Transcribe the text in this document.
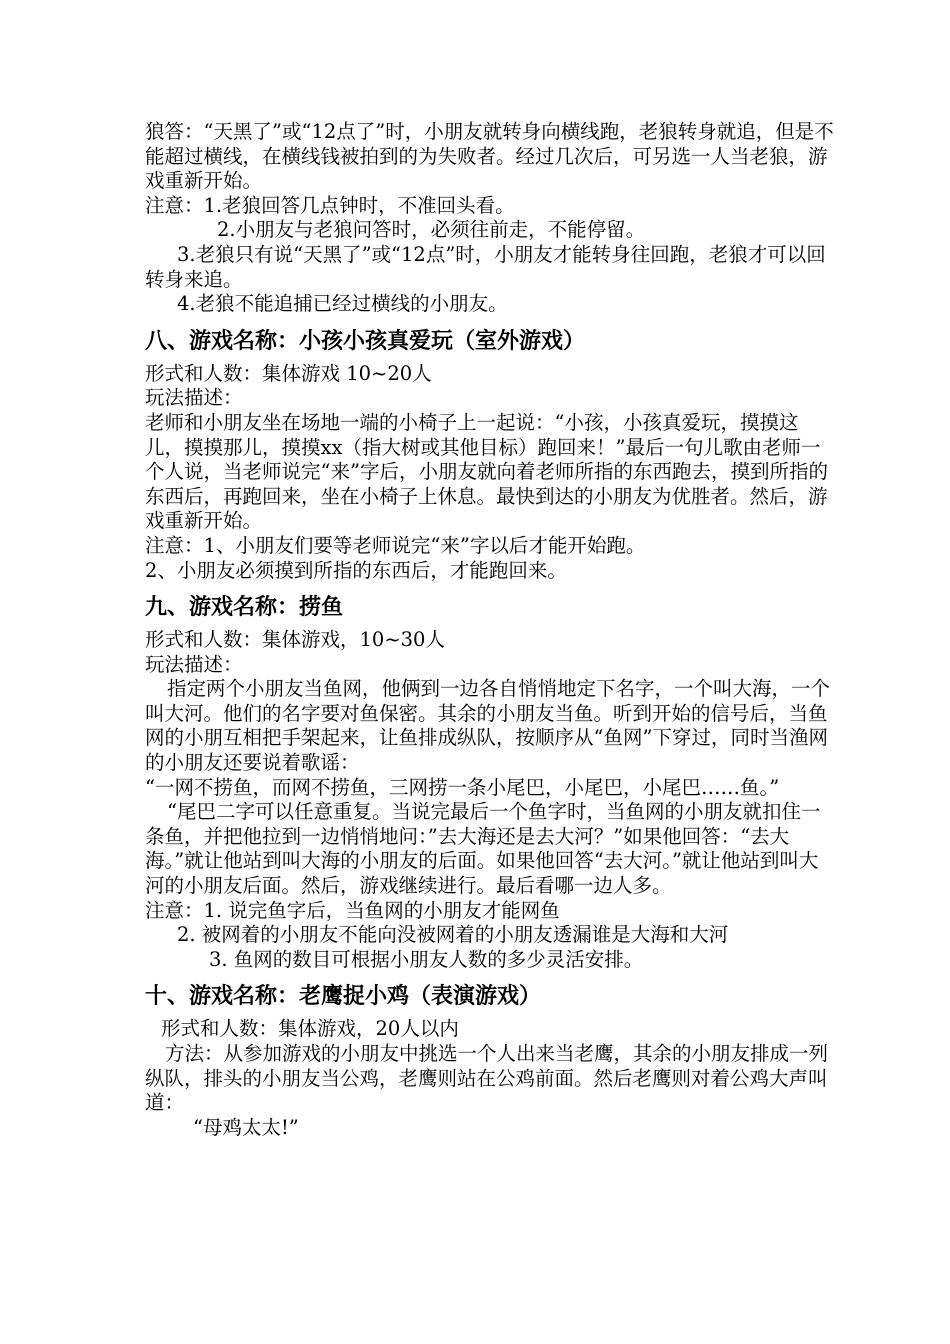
狼答：“天黑了”或“12点了”时，小朋友就转身向横线跑，老狼转身就追，但是不能超过横线，在横线钱被拍到的为失败者。经过几次后，可另选一人当老狼，游戏重新开始。

注意：1.老狼回答几点钟时，不准回头看。

2.小朋友与老狼问答时，必须往前走，不能停留。

3.老狼只有说“天黑了”或“12点”时，小朋友才能转身往回跑，老狼才可以回转身来追。

4.老狼不能追捕已经过横线的小朋友。

八、游戏名称：小孩小孩真爱玩（室外游戏）

形式和人数：集体游戏 10~20人

玩法描述：

老师和小朋友坐在场地一端的小椅子上一起说：“小孩，小孩真爱玩，摸摸这儿，摸摸那儿，摸摸xx（指大树或其他目标）跑回来！”最后一句儿歌由老师一个人说，当老师说完“来”字后，小朋友就向着老师所指的东西跑去，摸到所指的东西后，再跑回来，坐在小椅子上休息。最快到达的小朋友为优胜者。然后，游戏重新开始。

注意：1、小朋友们要等老师说完“来”字以后才能开始跑。

2、小朋友必须摸到所指的东西后，才能跑回来。

九、游戏名称：捞鱼

形式和人数：集体游戏，10~30人

玩法描述：

指定两个小朋友当鱼网，他俩到一边各自悄悄地定下名字，一个叫大海，一个叫大河。他们的名字要对鱼保密。其余的小朋友当鱼。听到开始的信号后，当鱼网的小朋互相把手架起来，让鱼排成纵队，按顺序从“鱼网”下穿过，同时当渔网的小朋友还要说着歌谣：

“一网不捞鱼，而网不捞鱼，三网捞一条小尾巴，小尾巴，小尾巴……鱼。”

“尾巴二字可以任意重复。当说完最后一个鱼字时，当鱼网的小朋友就扣住一条鱼，并把他拉到一边悄悄地问：”去大海还是去大河？”如果他回答：“去大海。”就让他站到叫大海的小朋友的后面。如果他回答“去大河。”就让他站到叫大河的小朋友后面。然后，游戏继续进行。最后看哪一边人多。

注意：1. 说完鱼字后，当鱼网的小朋友才能网鱼

2. 被网着的小朋友不能向没被网着的小朋友透漏谁是大海和大河

3. 鱼网的数目可根据小朋友人数的多少灵活安排。

十、游戏名称：老鹰捉小鸡（表演游戏）

形式和人数：集体游戏，20人以内

方法：从参加游戏的小朋友中挑选一个人出来当老鹰，其余的小朋友排成一列纵队，排头的小朋友当公鸡，老鹰则站在公鸡前面。然后老鹰则对着公鸡大声叫道：

“母鸡太太!”
